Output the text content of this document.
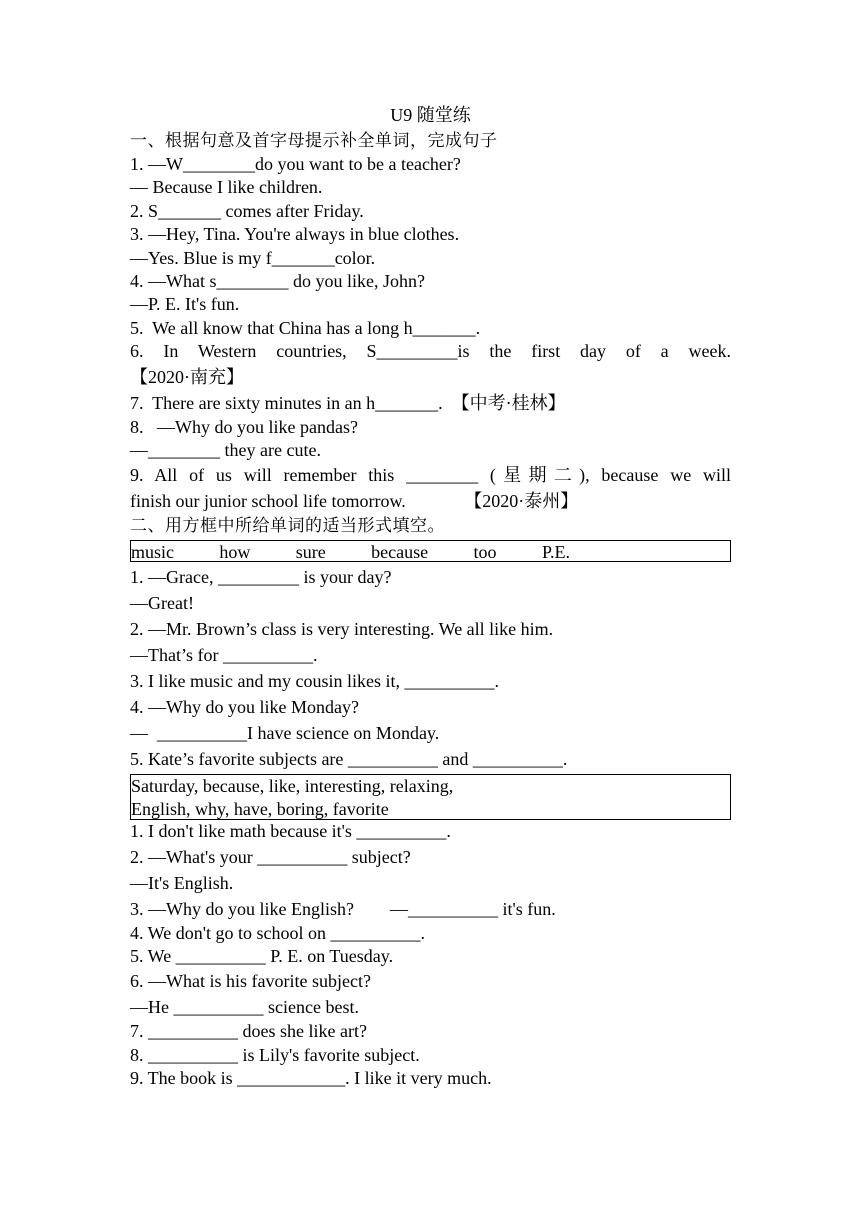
U9 随堂练
一、根据句意及首字母提示补全单词，完成句子
1. —W________do you want to be a teacher?
— Because I like children.
2. S_______ comes after Friday.
3. —Hey, Tina. You're always in blue clothes.
—Yes. Blue is my f_______color.
4. —What s________ do you like, John?
—P. E. It's fun.
5.  We all know that China has a long h_______.
6. In Western countries, S_________is the first day of a week.
【2020·南充】
7.  There are sixty minutes in an h_______.  【中考·桂林】
8.   —Why do you like pandas?
—________ they are cute.
9. All of us will remember this ________ (星期二), because we will
finish our junior school life tomorrow.             【2020·泰州】
二、用方框中所给单词的适当形式填空。
music	how	sure	because	too	P.E.
1. —Grace, _________ is your day?
—Great!
2. —Mr. Brown’s class is very interesting. We all like him.
—That’s for __________.
3. I like music and my cousin likes it, __________.
4. —Why do you like Monday?
—  __________I have science on Monday.
5. Kate’s favorite subjects are __________ and __________.
Saturday, because, like, interesting, relaxing,
English, why, have, boring, favorite
1. I don't like math because it's __________.
2. —What's your __________ subject?
—It's English.
3. —Why do you like English?        —__________ it's fun.
4. We don't go to school on __________.
5. We __________ P. E. on Tuesday.
6. —What is his favorite subject?
—He __________ science best.
7. __________ does she like art?
8. __________ is Lily's favorite subject.
9. The book is ____________. I like it very much.
